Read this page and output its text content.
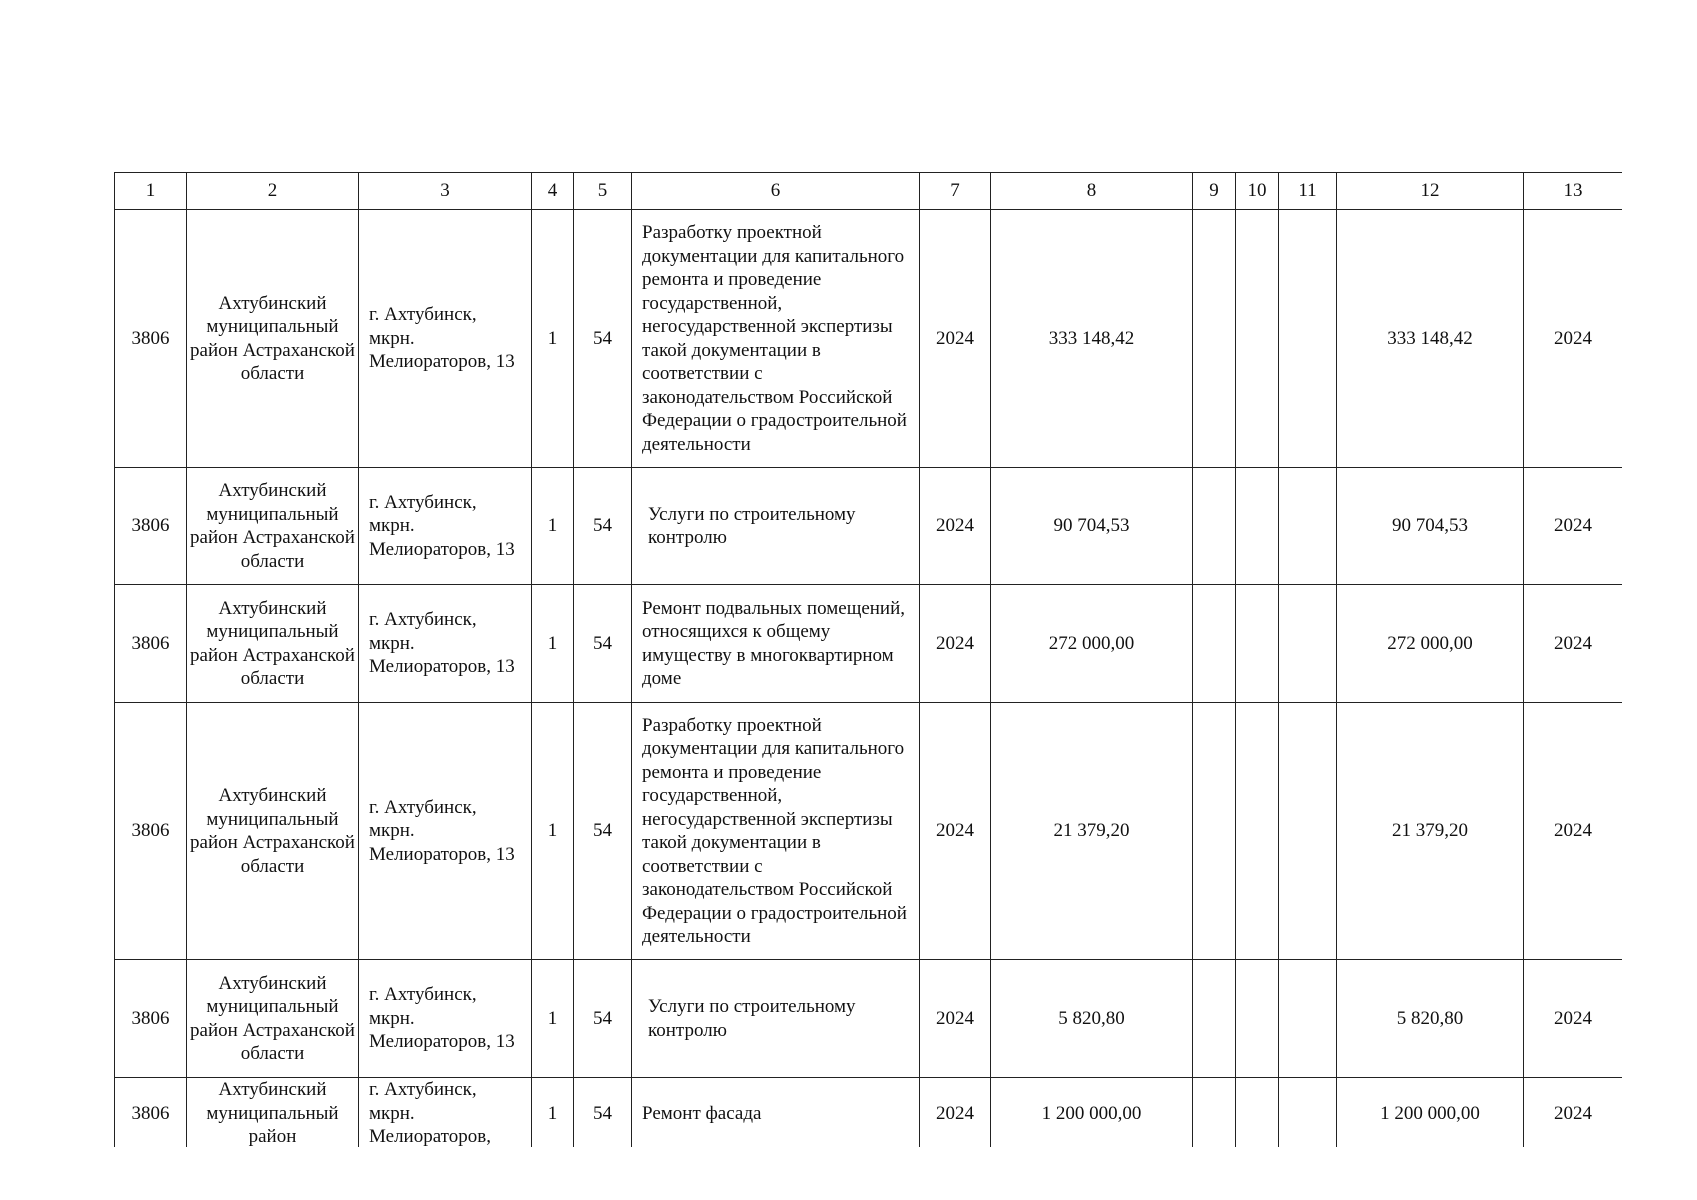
1	2	3	4	5	6	7	8	9	10	11	12	13
3806	Ахтубинский муниципальный район Астраханской области	г. Ахтубинск, мкрн. Мелиораторов, 13	1	54	Разработку проектной документации для капитального ремонта и проведение государственной, негосударственной экспертизы такой документации в соответствии с законодательством Российской Федерации о градостроительной деятельности	2024	333 148,42				333 148,42	2024
3806	Ахтубинский муниципальный район Астраханской области	г. Ахтубинск, мкрн. Мелиораторов, 13	1	54	Услуги по строительному контролю	2024	90 704,53				90 704,53	2024
3806	Ахтубинский муниципальный район Астраханской области	г. Ахтубинск, мкрн. Мелиораторов, 13	1	54	Ремонт подвальных помещений, относящихся к общему имуществу в многоквартирном доме	2024	272 000,00				272 000,00	2024
3806	Ахтубинский муниципальный район Астраханской области	г. Ахтубинск, мкрн. Мелиораторов, 13	1	54	Разработку проектной документации для капитального ремонта и проведение государственной, негосударственной экспертизы такой документации в соответствии с законодательством Российской Федерации о градостроительной деятельности	2024	21 379,20				21 379,20	2024
3806	Ахтубинский муниципальный район Астраханской области	г. Ахтубинск, мкрн. Мелиораторов, 13	1	54	Услуги по строительному контролю	2024	5 820,80				5 820,80	2024
3806	Ахтубинский муниципальный район	г. Ахтубинск, мкрн. Мелиораторов,	1	54	Ремонт фасада	2024	1 200 000,00				1 200 000,00	2024
